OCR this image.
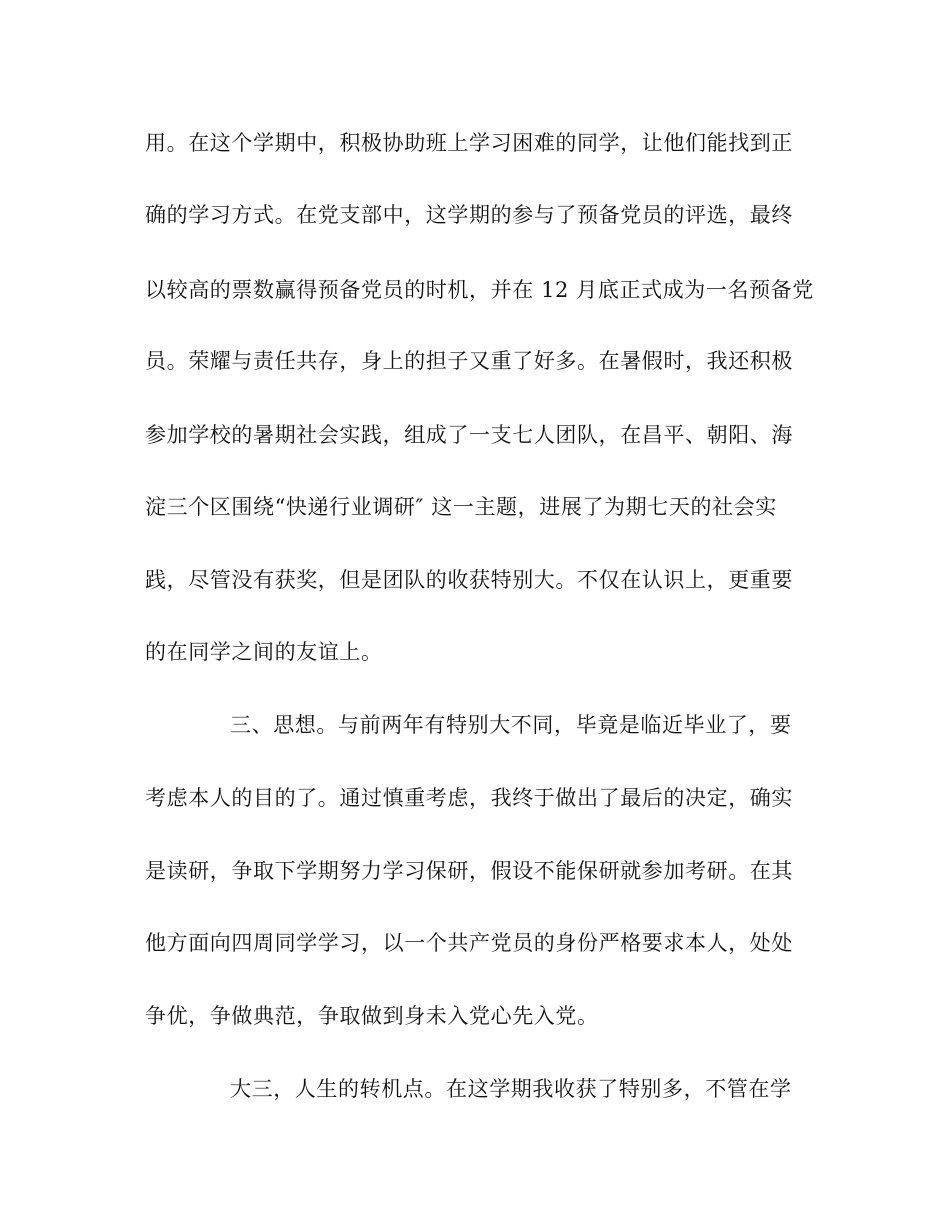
用。在这个学期中，积极协助班上学习困难的同学，让他们能找到正
确的学习方式。在党支部中，这学期的参与了预备党员的评选，最终
以较高的票数赢得预备党员的时机，并在 12 月底正式成为一名预备党
员。荣耀与责任共存，身上的担子又重了好多。在暑假时，我还积极
参加学校的暑期社会实践，组成了一支七人团队，在昌平、朝阳、海
淀三个区围绕“快递行业调研″ 这一主题，进展了为期七天的社会实
践，尽管没有获奖，但是团队的收获特别大。不仅在认识上，更重要
的在同学之间的友谊上。
三、思想。与前两年有特别大不同，毕竟是临近毕业了，要
考虑本人的目的了。通过慎重考虑，我终于做出了最后的决定，确实
是读研，争取下学期努力学习保研，假设不能保研就参加考研。在其
他方面向四周同学学习，以一个共产党员的身份严格要求本人，处处
争优，争做典范，争取做到身未入党心先入党。
大三，人生的转机点。在这学期我收获了特别多，不管在学
